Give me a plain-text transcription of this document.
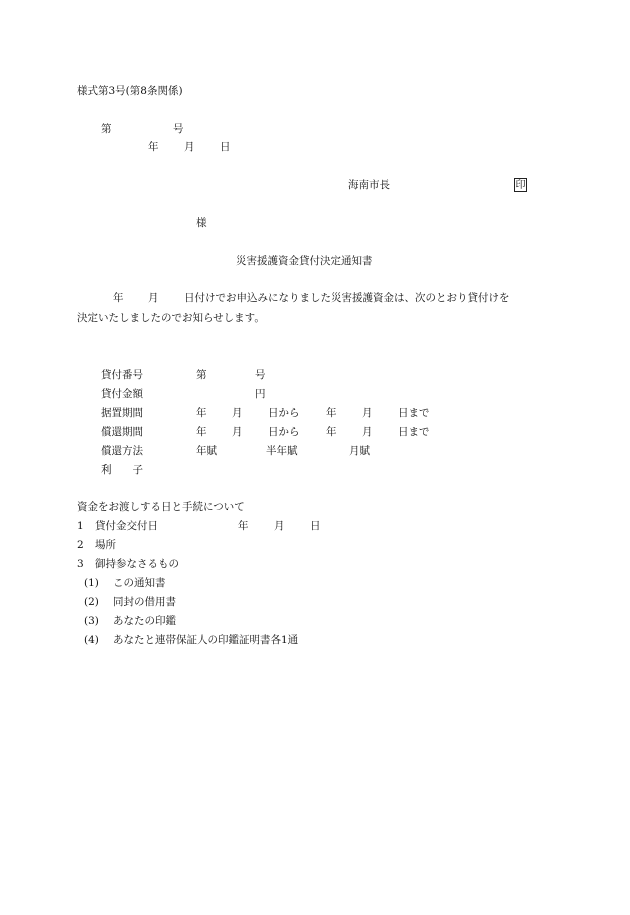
様式第3号(第8条関係)
第	号
年 月 日
海南市長	印
様
災害援護資金貸付決定通知書
年 月 日付けでお申込みになりました災害援護資金は、次のとおり貸付けを
決定いたしましたのでお知らせします。
貸付番号	第	号
貸付金額	円
据置期間	年 月 日から	年 月 日まで
償還期間	年 月 日から	年 月 日まで
償還方法	年賦	半年賦	月賦
利　　子
資金をお渡しする日と手続について
1 貸付金交付日	年 月 日
2 場所
3 御持参なさるもの
(1) この通知書
(2) 同封の借用書
(3) あなたの印鑑
(4) あなたと連帯保証人の印鑑証明書各1通
